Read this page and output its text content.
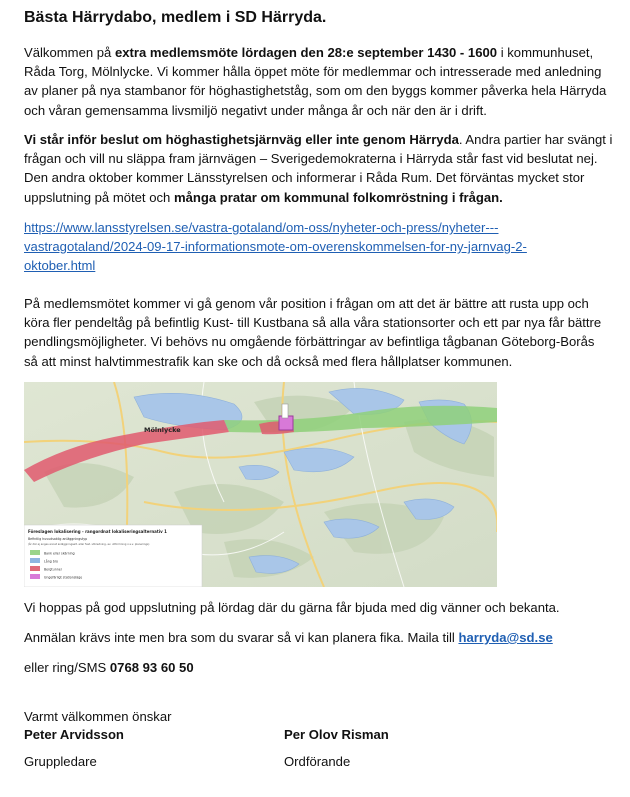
Bästa Härrydabo, medlem i SD Härryda.
Välkommen på extra medlemsmöte lördagen den 28:e september 1430 - 1600 i kommunhuset,
Råda Torg, Mölnlycke. Vi kommer hålla öppet möte för medlemmar och intresserade med anledning
av planer på nya stambanor för höghastighetståg, som om den byggs kommer påverka hela Härryda
och våran gemensamma livsmiljö negativt under många år och när den är i drift.
Vi står inför beslut om höghastighetsjärnväg eller inte genom Härryda. Andra partier har svängt i
frågan och vill nu släppa fram järnvägen – Sverigedemokraterna i Härryda står fast vid beslutat nej.
Den andra oktober kommer Länsstyrelsen och informerar i Råda Rum. Det förväntas mycket stor
uppslutning på mötet och många pratar om kommunal folkomröstning i frågan.
https://www.lansstyrelsen.se/vastra-gotaland/om-oss/nyheter-och-press/nyheter---
vastragotaland/2024-09-17-informationsmote-om-overenskommelsen-for-ny-jarnvag-2-
oktober.html
På medlemsmötet kommer vi gå genom vår position i frågan om att det är bättre att rusta upp och
köra fler pendeltåg på befintlig Kust- till Kustbana så alla våra stationsorter och ett par nya får bättre
pendlingsmöjligheter. Vi behövs nu omgående förbättringar av befintliga tågbanan Göteborg-Borås
så att minst halvtimmestrafik kan ske och då också med flera hållplatser kommunen.
Mölnlycke
Föreslagen lokalisering - rangordnat lokaliseringsalternativ 1
Befintlig huvudsaklig anläggningstyp
(år där ej anges annat anläggningsalt. eller fast. utbredning, ev. utformning o.s.v. planerings)
Bank eller skärning
Lång bro
Bergtunnel
Ungefärligt stationsläge
Vi hoppas på god uppslutning på lördag där du gärna får bjuda med dig vänner och bekanta.
Anmälan krävs inte men bra som du svarar så vi kan planera fika. Maila till harryda@sd.se
eller ring/SMS 0768 93 60 50
Varmt välkommen önskar
Peter Arvidsson	Per Olov Risman
Gruppledare	Ordförande
